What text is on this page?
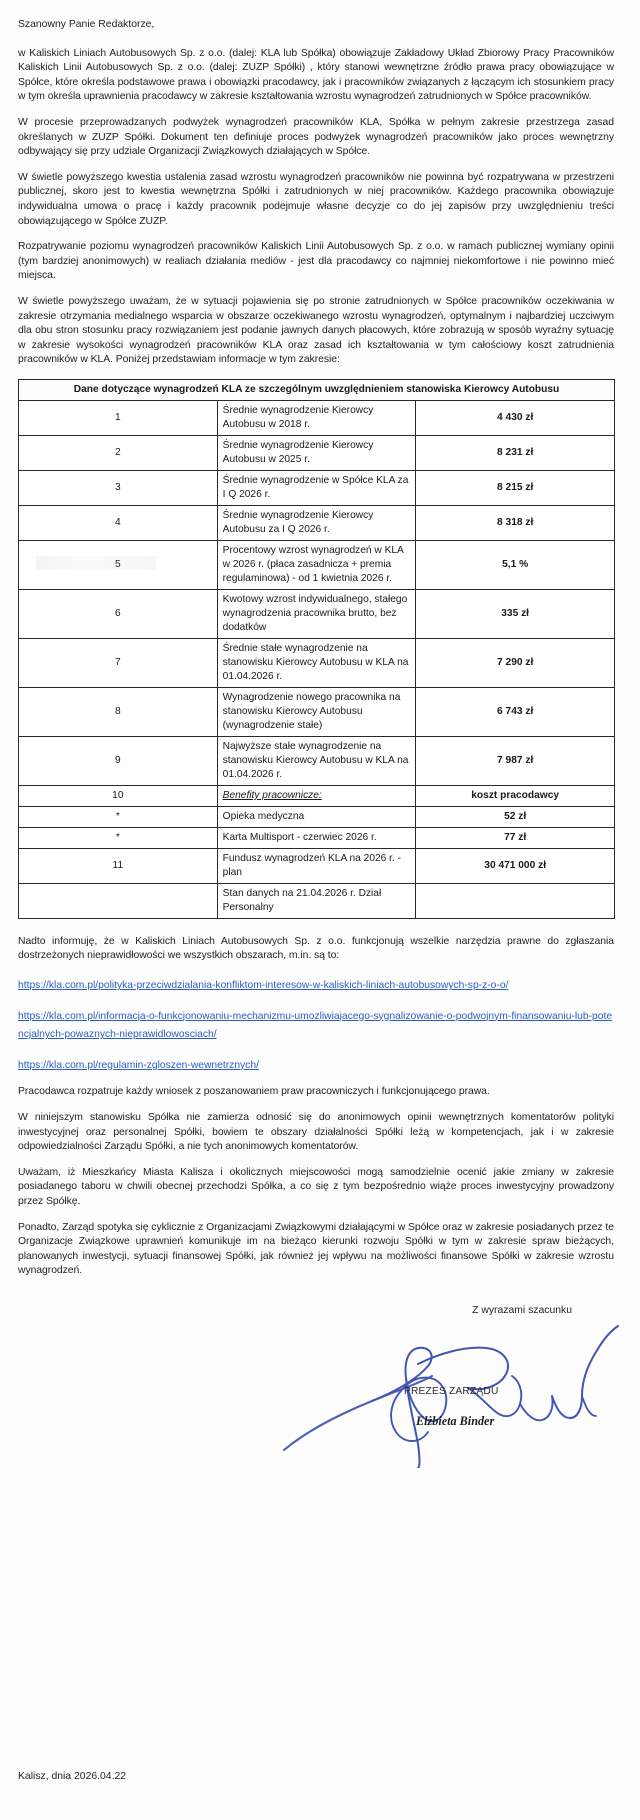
Szanowny Panie Redaktorze,

w Kaliskich Liniach Autobusowych Sp. z o.o. (dalej: KLA lub Spółka) obowiązuje Zakładowy Układ Zbiorowy Pracy Pracowników Kaliskich Linii Autobusowych Sp. z o.o. (dalej: ZUZP Spółki) , który stanowi wewnętrzne źródło prawa pracy obowiązujące w Spółce, które określa podstawowe prawa i obowiązki pracodawcy, jak i pracowników związanych z łączącym ich stosunkiem pracy w tym określa uprawnienia pracodawcy w zakresie kształtowania wzrostu wynagrodzeń zatrudnionych w Spółce pracowników.

W procesie przeprowadzanych podwyżek wynagrodzeń pracowników KLA, Spółka w pełnym zakresie przestrzega zasad określanych w ZUZP Spółki. Dokument ten definiuje proces podwyżek wynagrodzeń pracowników jako proces wewnętrzny odbywający się przy udziale Organizacji Związkowych działających w Spółce.

W świetle powyższego kwestia ustalenia zasad wzrostu wynagrodzeń pracowników nie powinna być rozpatrywana w przestrzeni publicznej, skoro jest to kwestia wewnętrzna Spółki i zatrudnionych w niej pracowników. Każdego pracownika obowiązuje indywidualna umowa o pracę i każdy pracownik podejmuje własne decyzje co do jej zapisów przy uwzględnieniu treści obowiązującego w Spółce ZUZP.

Rozpatrywanie poziomu wynagrodzeń pracowników Kaliskich Linii Autobusowych Sp. z o.o. w ramach publicznej wymiany opinii (tym bardziej anonimowych) w realiach działania mediów - jest dla pracodawcy co najmniej niekomfortowe i nie powinno mieć miejsca.

W świetle powyższego uważam, że w sytuacji pojawienia się po stronie zatrudnionych w Spółce pracowników oczekiwania w zakresie otrzymania medialnego wsparcia w obszarze oczekiwanego wzrostu wynagrodzeń, optymalnym i najbardziej uczciwym dla obu stron stosunku pracy rozwiązaniem jest podanie jawnych danych płacowych, które zobrazują w sposób wyraźny sytuację w zakresie wysokości wynagrodzeń pracowników KLA oraz zasad ich kształtowania w tym całościowy koszt zatrudnienia pracowników w KLA. Poniżej przedstawiam informacje w tym zakresie:

Dane dotyczące wynagrodzeń KLA ze szczególnym uwzględnieniem stanowiska Kierowcy Autobusu		
1	Średnie wynagrodzenie Kierowcy Autobusu w 2018 r.	4 430 zł
2	Średnie wynagrodzenie Kierowcy Autobusu w 2025 r.	8 231 zł
3	Średnie wynagrodzenie w Spółce KLA za I Q 2026 r.	8 215 zł
4	Średnie wynagrodzenie Kierowcy Autobusu za I Q 2026 r.	8 318 zł
5	Procentowy wzrost wynagrodzeń w KLA w 2026 r. (płaca zasadnicza + premia regulaminowa) - od 1 kwietnia 2026 r.	5,1 %
6	Kwotowy wzrost indywidualnego, stałego wynagrodzenia pracownika brutto, bez dodatków	335 zł
7	Średnie stałe wynagrodzenie na stanowisku Kierowcy Autobusu w KLA na 01.04.2026 r.	7 290 zł
8	Wynagrodzenie nowego pracownika na stanowisku Kierowcy Autobusu (wynagrodzenie stałe)	6 743 zł
9	Najwyższe stałe wynagrodzenie na stanowisku Kierowcy Autobusu w KLA na 01.04.2026 r.	7 987 zł
10	Benefity pracownicze:	koszt pracodawcy
*	Opieka medyczna	52 zł
*	Karta Multisport - czerwiec 2026 r.	77 zł
11	Fundusz wynagrodzeń KLA na 2026 r. - plan	30 471 000 zł
	Stan danych na 21.04.2026 r. Dział Personalny	

Nadto informuję, że w Kaliskich Liniach Autobusowych Sp. z o.o. funkcjonują wszelkie narzędzia prawne do zgłaszania dostrzeżonych nieprawidłowości we wszystkich obszarach, m.in. są to:

https://kla.com.pl/polityka-przeciwdzialania-konfliktom-interesow-w-kaliskich-liniach-autobusowych-sp-z-o-o/
https://kla.com.pl/informacja-o-funkcjonowaniu-mechanizmu-umozliwiajacego-sygnalizowanie-o-podwojnym-finansowaniu-lub-potencjalnych-powaznych-nieprawidlowosciach/
https://kla.com.pl/regulamin-zgloszen-wewnetrznych/

Pracodawca rozpatruje każdy wniosek z poszanowaniem praw pracowniczych i funkcjonującego prawa.

W niniejszym stanowisku Spółka nie zamierza odnosić się do anonimowych opinii wewnętrznych komentatorów polityki inwestycyjnej oraz personalnej Spółki, bowiem te obszary działalności Spółki leżą w kompetencjach, jak i w zakresie odpowiedzialności Zarządu Spółki, a nie tych anonimowych komentatorów.

Uważam, iż Mieszkańcy Miasta Kalisza i okolicznych miejscowości mogą samodzielnie ocenić jakie zmiany w zakresie posiadanego taboru w chwili obecnej przechodzi Spółka, a co się z tym bezpośrednio wiąże proces inwestycyjny prowadzony przez Spółkę.

Ponadto, Zarząd spotyka się cyklicznie z Organizacjami Związkowymi działającymi w Spółce oraz w zakresie posiadanych przez te Organizacje Związkowe uprawnień komunikuje im na bieżąco kierunki rozwoju Spółki w tym w zakresie spraw bieżących, planowanych inwestycji, sytuacji finansowej Spółki, jak również jej wpływu na możliwości finansowe Spółki w zakresie wzrostu wynagrodzeń.

Z wyrazami szacunku
PREZES ZARZĄDU
Elżbieta Binder
Kalisz, dnia 2026.04.22
